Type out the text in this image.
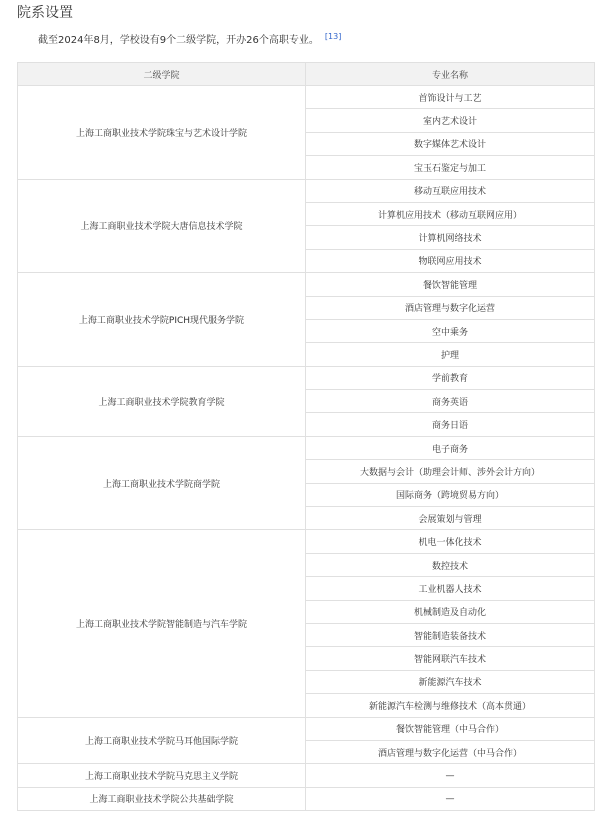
院系设置
截至2024年8月，学校设有9个二级学院，开办26个高职专业。 [13]
二级学院	专业名称
上海工商职业技术学院珠宝与艺术设计学院	首饰设计与工艺
	室内艺术设计
	数字媒体艺术设计
	宝玉石鉴定与加工
上海工商职业技术学院大唐信息技术学院	移动互联应用技术
	计算机应用技术（移动互联网应用）
	计算机网络技术
	物联网应用技术
上海工商职业技术学院PICH现代服务学院	餐饮智能管理
	酒店管理与数字化运营
	空中乘务
	护理
上海工商职业技术学院教育学院	学前教育
	商务英语
	商务日语
上海工商职业技术学院商学院	电子商务
	大数据与会计（助理会计师、涉外会计方向）
	国际商务（跨境贸易方向）
	会展策划与管理
上海工商职业技术学院智能制造与汽车学院	机电一体化技术
	数控技术
	工业机器人技术
	机械制造及自动化
	智能制造装备技术
	智能网联汽车技术
	新能源汽车技术
	新能源汽车检测与维修技术（高本贯通）
上海工商职业技术学院马耳他国际学院	餐饮智能管理（中马合作）
	酒店管理与数字化运营（中马合作）
上海工商职业技术学院马克思主义学院	—
上海工商职业技术学院公共基础学院	—
